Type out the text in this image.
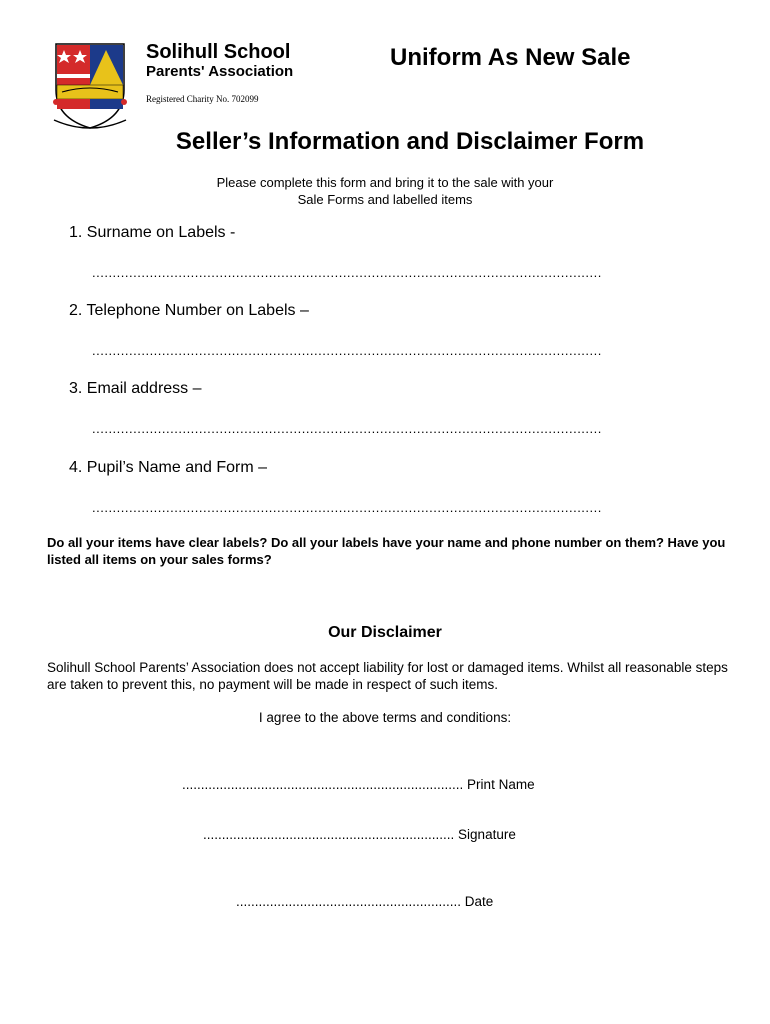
Solihull School
Parents' Association
Registered Charity No. 702099
Uniform As New Sale
Seller’s Information and Disclaimer Form
Please complete this form and bring it to the sale with your
Sale Forms and labelled items
1. Surname on Labels -
............................................................................................................................
2. Telephone Number on Labels –
............................................................................................................................
3. Email address –
............................................................................................................................
4. Pupil’s Name and Form –
............................................................................................................................
Do all your items have clear labels? Do all your labels have your name and phone number on them? Have you listed all items on your sales forms?
Our Disclaimer
Solihull School Parents’ Association does not accept liability for lost or damaged items. Whilst all reasonable steps are taken to prevent this, no payment will be made in respect of such items.
I agree to the above terms and conditions:
........................................................................... Print Name
................................................................... Signature
............................................................ Date
